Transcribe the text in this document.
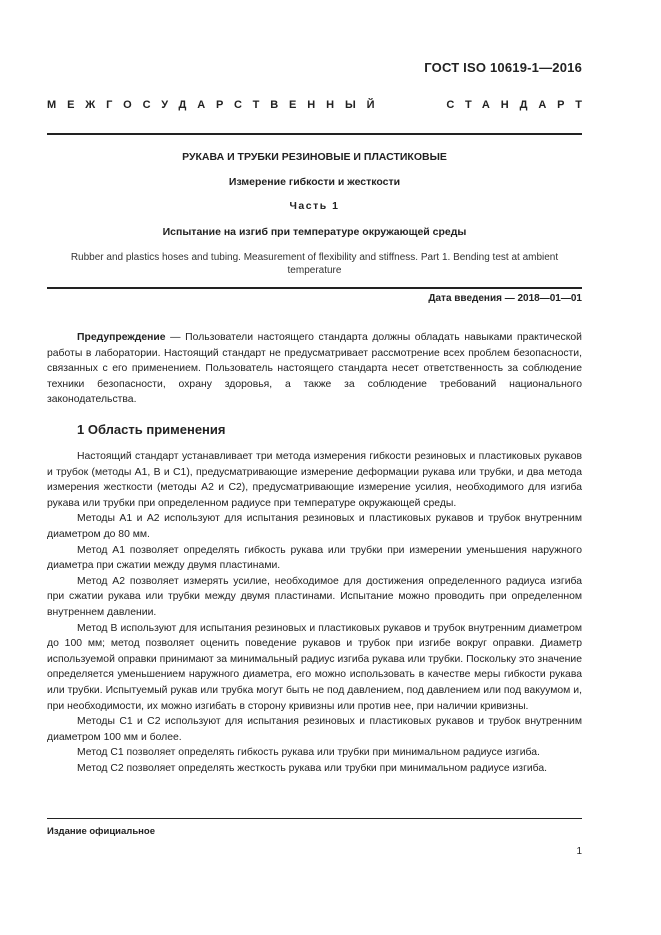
ГОСТ ISO 10619-1—2016
МЕЖГОСУДАРСТВЕННЫЙ	СТАНДАРТ
РУКАВА И ТРУБКИ РЕЗИНОВЫЕ И ПЛАСТИКОВЫЕ
Измерение гибкости и жесткости
Часть 1
Испытание на изгиб при температуре окружающей среды
Rubber and plastics hoses and tubing. Measurement of flexibility and stiffness. Part 1. Bending test at ambient temperature
Дата введения — 2018—01—01

Предупреждение — Пользователи настоящего стандарта должны обладать навыками практической работы в лаборатории. Настоящий стандарт не предусматривает рассмотрение всех проблем безопасности, связанных с его применением. Пользователь настоящего стандарта несет ответственность за соблюдение техники безопасности, охрану здоровья, а также за соблюдение требований национального законодательства.

1 Область применения

Настоящий стандарт устанавливает три метода измерения гибкости резиновых и пластиковых рукавов и трубок (методы А1, В и С1), предусматривающие измерение деформации рукава или трубки, и два метода измерения жесткости (методы А2 и С2), предусматривающие измерение усилия, необходимого для изгиба рукава или трубки при определенном радиусе при температуре окружающей среды.

Методы А1 и А2 используют для испытания резиновых и пластиковых рукавов и трубок внутренним диаметром до 80 мм.

Метод А1 позволяет определять гибкость рукава или трубки при измерении уменьшения наружного диаметра при сжатии между двумя пластинами.

Метод А2 позволяет измерять усилие, необходимое для достижения определенного радиуса изгиба при сжатии рукава или трубки между двумя пластинами. Испытание можно проводить при определенном внутреннем давлении.

Метод В используют для испытания резиновых и пластиковых рукавов и трубок внутренним диаметром до 100 мм; метод позволяет оценить поведение рукавов и трубок при изгибе вокруг оправки. Диаметр используемой оправки принимают за минимальный радиус изгиба рукава или трубки. Поскольку это значение определяется уменьшением наружного диаметра, его можно использовать в качестве меры гибкости рукава или трубки. Испытуемый рукав или трубка могут быть не под давлением, под давлением или под вакуумом и, при необходимости, их можно изгибать в сторону кривизны или против нее, при наличии кривизны.

Методы С1 и С2 используют для испытания резиновых и пластиковых рукавов и трубок внутренним диаметром 100 мм и более.

Метод С1 позволяет определять гибкость рукава или трубки при минимальном радиусе изгиба.

Метод С2 позволяет определять жесткость рукава или трубки при минимальном радиусе изгиба.

Издание официальное
1
